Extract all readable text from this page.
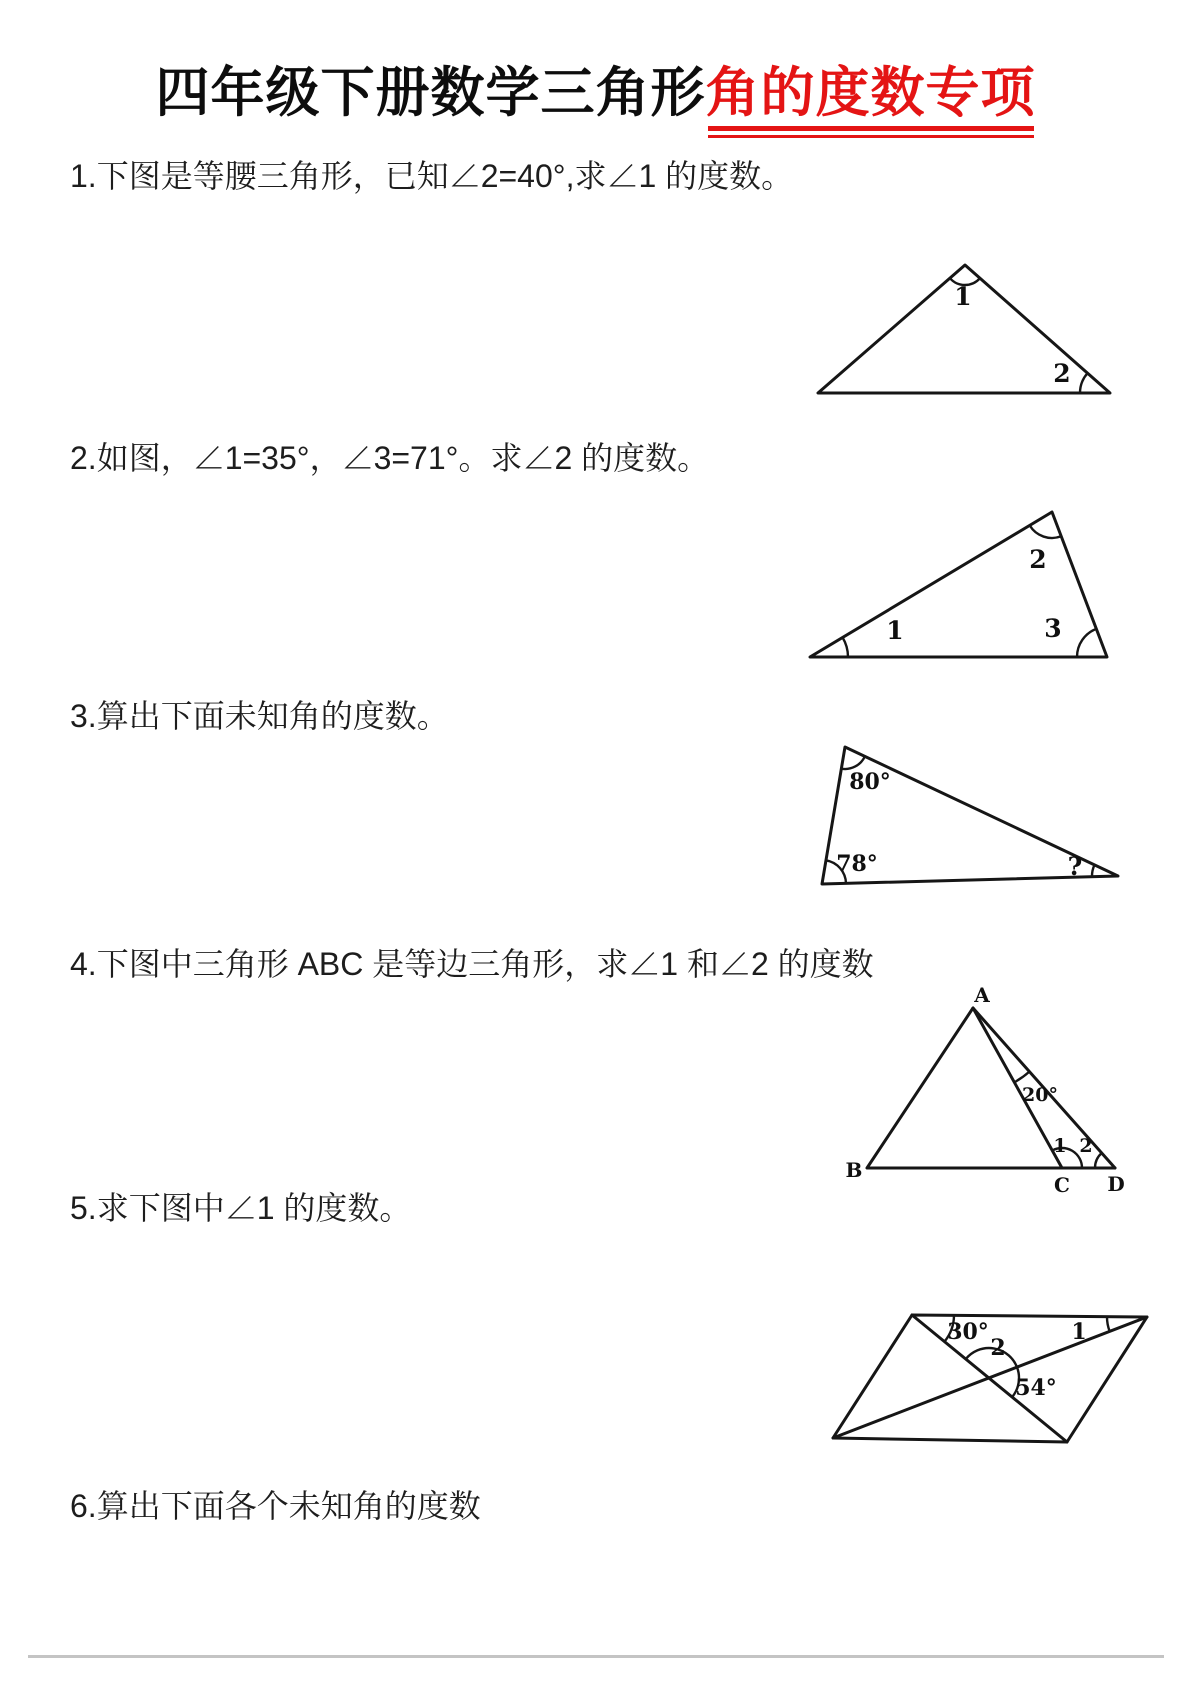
四年级下册数学三角形角的度数专项

1.下图是等腰三角形，已知∠2=40°,求∠1 的度数。

1
2

2.如图，∠1=35°，∠3=71°。求∠2 的度数。

1
2
3

3.算出下面未知角的度数。

80°
78°	?

4.下图中三角形 ABC 是等边三角形，求∠1 和∠2 的度数

A
B
C D
20°
1 2

5.求下图中∠1 的度数。

30°	1
2
54°

6.算出下面各个未知角的度数
